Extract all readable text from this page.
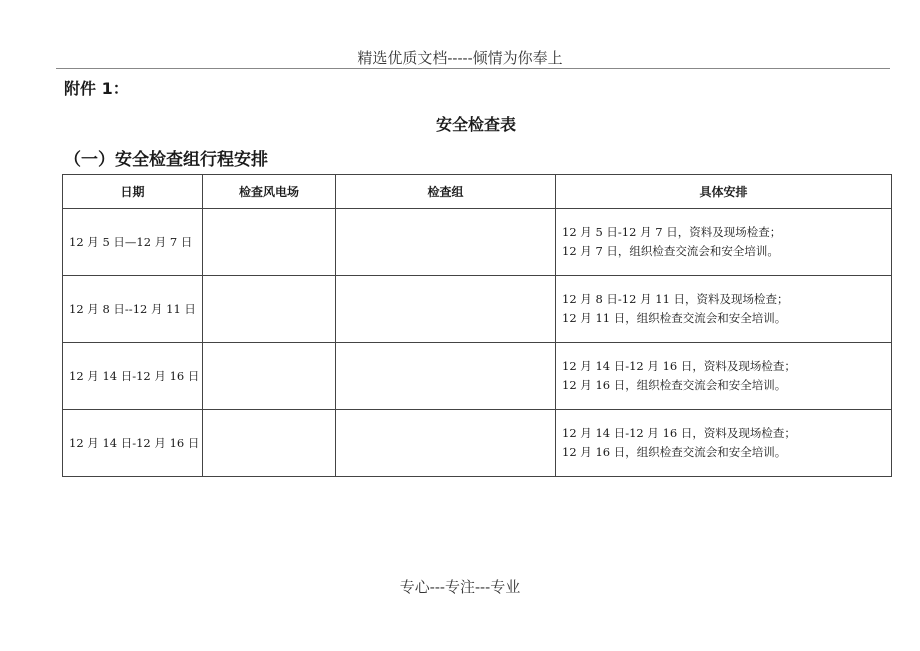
精选优质文档-----倾情为你奉上
附件 1：
安全检查表
（一）安全检查组行程安排
日期	检查风电场	检查组	具体安排
12 月 5 日—12 月 7 日			12 月 5 日-12 月 7 日，资料及现场检查；
12 月 7 日，组织检查交流会和安全培训。

12 月 8 日--12 月 11 日			12 月 8 日-12 月 11 日，资料及现场检查；
12 月 11 日，组织检查交流会和安全培训。

12 月 14 日-12 月 16 日			12 月 14 日-12 月 16 日，资料及现场检查；
12 月 16 日，组织检查交流会和安全培训。

12 月 14 日-12 月 16 日			12 月 14 日-12 月 16 日，资料及现场检查；
12 月 16 日，组织检查交流会和安全培训。
专心---专注---专业
